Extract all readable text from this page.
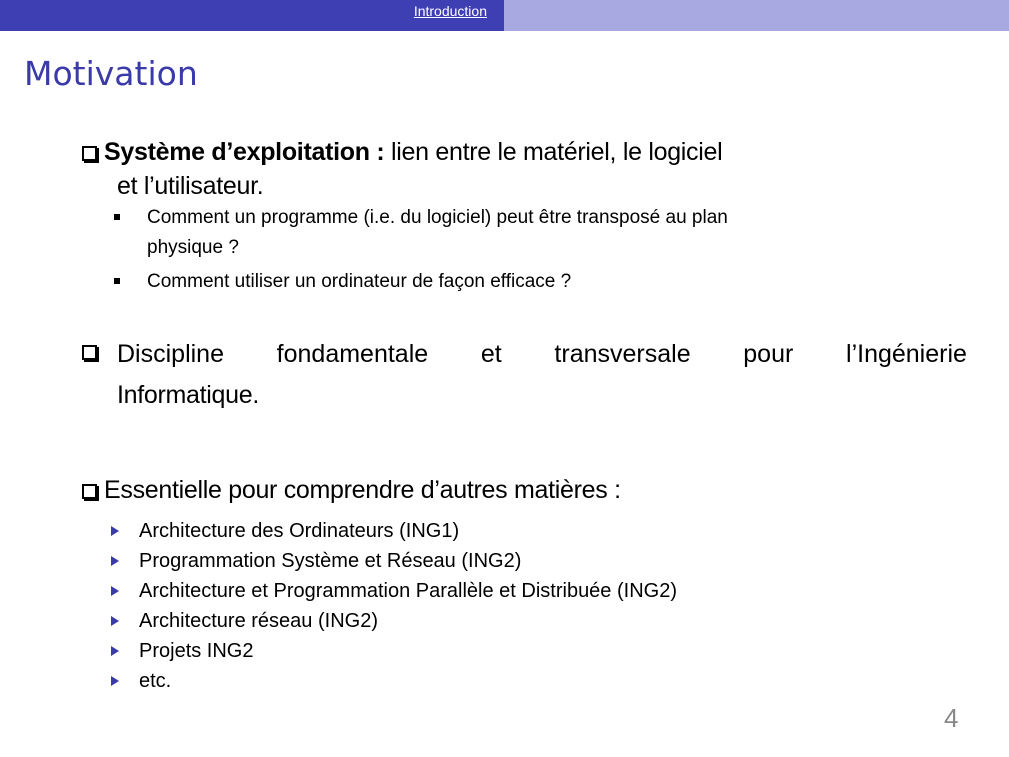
Introduction
Motivation
Système d’exploitation : lien entre le matériel, le logiciel
et l’utilisateur.
Comment un programme (i.e. du logiciel) peut être transposé au plan
physique ?
Comment utiliser un ordinateur de façon efficace ?
Discipline fondamentale et transversale pour l’Ingénierie
Informatique.
Essentielle pour comprendre d’autres matières :
Architecture des Ordinateurs (ING1)
Programmation Système et Réseau (ING2)
Architecture et Programmation Parallèle et Distribuée (ING2)
Architecture réseau (ING2)
Projets ING2
etc.
4
